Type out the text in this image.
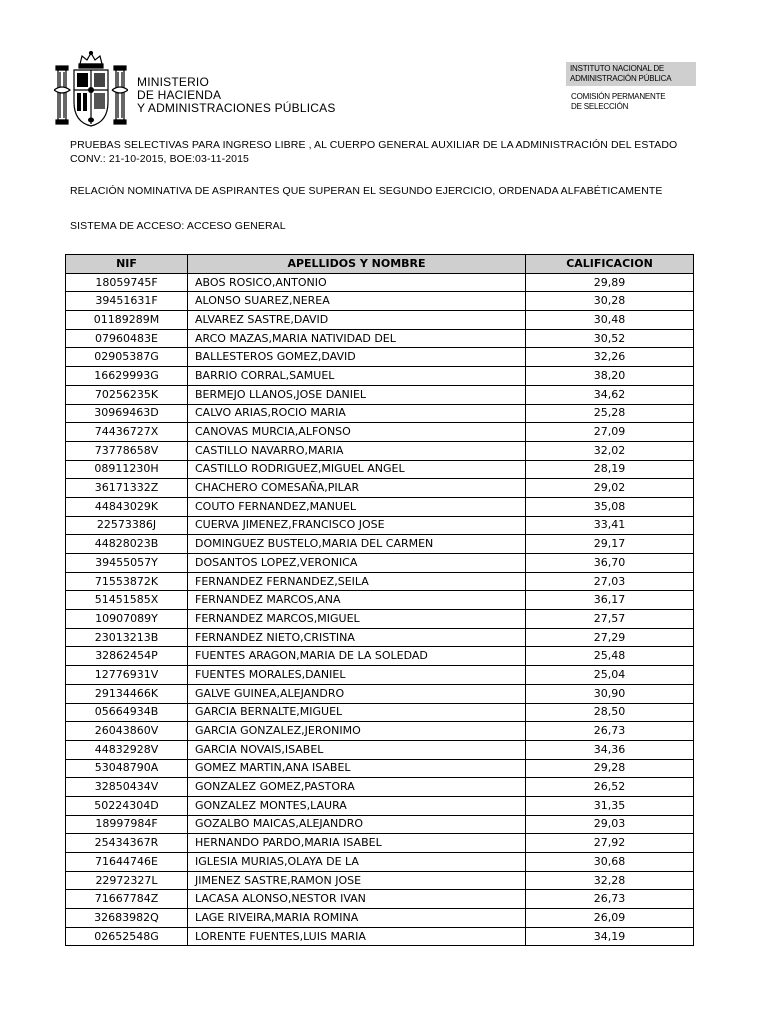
MINISTERIO
DE HACIENDA
Y ADMINISTRACIONES PÚBLICAS
INSTITUTO NACIONAL DE
ADMINISTRACIÓN PÚBLICA
COMISIÓN PERMANENTE
DE SELECCIÓN
PRUEBAS SELECTIVAS PARA INGRESO LIBRE , AL CUERPO GENERAL AUXILIAR DE LA ADMINISTRACIÓN DEL ESTADO
CONV.: 21-10-2015, BOE:03-11-2015
RELACIÓN NOMINATIVA DE ASPIRANTES QUE SUPERAN EL SEGUNDO EJERCICIO, ORDENADA ALFABÉTICAMENTE
SISTEMA DE ACCESO: ACCESO GENERAL
NIF	APELLIDOS Y NOMBRE	CALIFICACION
18059745F	ABOS ROSICO,ANTONIO	29,89
39451631F	ALONSO SUAREZ,NEREA	30,28
01189289M	ALVAREZ SASTRE,DAVID	30,48
07960483E	ARCO MAZAS,MARIA NATIVIDAD DEL	30,52
02905387G	BALLESTEROS GOMEZ,DAVID	32,26
16629993G	BARRIO CORRAL,SAMUEL	38,20
70256235K	BERMEJO LLANOS,JOSE DANIEL	34,62
30969463D	CALVO ARIAS,ROCIO MARIA	25,28
74436727X	CANOVAS MURCIA,ALFONSO	27,09
73778658V	CASTILLO NAVARRO,MARIA	32,02
08911230H	CASTILLO RODRIGUEZ,MIGUEL ANGEL	28,19
36171332Z	CHACHERO COMESAÑA,PILAR	29,02
44843029K	COUTO FERNANDEZ,MANUEL	35,08
22573386J	CUERVA JIMENEZ,FRANCISCO JOSE	33,41
44828023B	DOMINGUEZ BUSTELO,MARIA DEL CARMEN	29,17
39455057Y	DOSANTOS LOPEZ,VERONICA	36,70
71553872K	FERNANDEZ FERNANDEZ,SEILA	27,03
51451585X	FERNANDEZ MARCOS,ANA	36,17
10907089Y	FERNANDEZ MARCOS,MIGUEL	27,57
23013213B	FERNANDEZ NIETO,CRISTINA	27,29
32862454P	FUENTES ARAGON,MARIA DE LA SOLEDAD	25,48
12776931V	FUENTES MORALES,DANIEL	25,04
29134466K	GALVE GUINEA,ALEJANDRO	30,90
05664934B	GARCIA BERNALTE,MIGUEL	28,50
26043860V	GARCIA GONZALEZ,JERONIMO	26,73
44832928V	GARCIA NOVAIS,ISABEL	34,36
53048790A	GOMEZ MARTIN,ANA ISABEL	29,28
32850434V	GONZALEZ GOMEZ,PASTORA	26,52
50224304D	GONZALEZ MONTES,LAURA	31,35
18997984F	GOZALBO MAICAS,ALEJANDRO	29,03
25434367R	HERNANDO PARDO,MARIA ISABEL	27,92
71644746E	IGLESIA MURIAS,OLAYA DE LA	30,68
22972327L	JIMENEZ SASTRE,RAMON JOSE	32,28
71667784Z	LACASA ALONSO,NESTOR IVAN	26,73
32683982Q	LAGE RIVEIRA,MARIA ROMINA	26,09
02652548G	LORENTE FUENTES,LUIS MARIA	34,19
